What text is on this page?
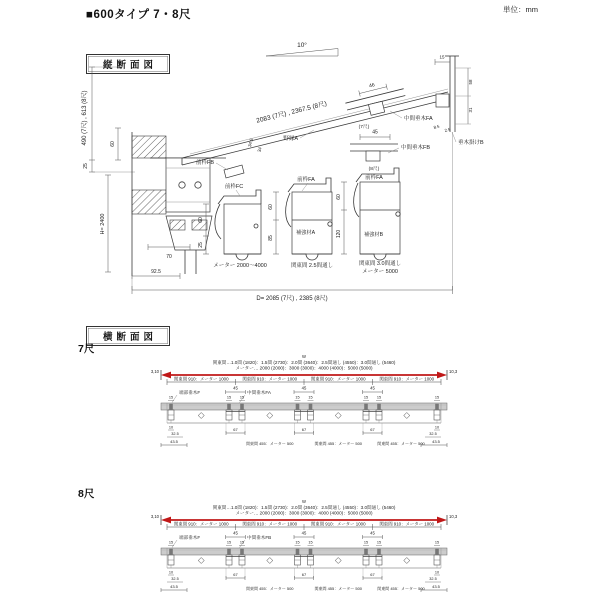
■600タイプ 7・8尺	単位：mm
縦断面図
490 (7尺) , 613 (8尺)
25
60
H= 2400
10°
2083 (7尺) , 2367.5 (8尺)
34.5
34
前枠FB
野縁A
46
(7尺)
中間垂木FA
45
(8尺)
中間垂木FB
15
58
31
8.5 2.5
垂木掛けB
60
25
前枠FC
メーター 2000～4000
60
85
補強材A
前枠FA
関東間 2.5間通し
60
120	補強材B
前枠FA
関東間 3.0間通し
メーター 5000
70
92.5
D= 2085 (7尺) , 2385 (8尺)
横断面図
7尺
W
関東間…1.0間 (1820)：1.5間 (2730)：2.0間 (3640)：2.5間通し (4550)：3.0間通し (5460)
メーター… 2000 (2000)：3000 (3000)：4000 (4000)：5000 (5000)
3,10	10,3
関東間 910：メーター 1000	関東間 910：メーター 1000	関東間 910：メーター 1000	関東間 910：メーター 1000
端部垂木F	中間垂木FA
45
15 15
45
15 15
45
15 15
15	15
10	10
32.5	32.5
67	67	67
43.5	43.5
関東間 455：メーター 500	関東間 455：メーター 500	関東間 455：メーター 500
8尺
W
関東間…1.0間 (1820)：1.5間 (2730)：2.0間 (3640)：2.5間通し (4550)：3.0間通し (5460)
メーター… 2000 (2000)：3000 (3000)：4000 (4000)：5000 (5000)
3,10	10,3
関東間 910：メーター 1000	関東間 910：メーター 1000	関東間 910：メーター 1000	関東間 910：メーター 1000
端部垂木F	中間垂木FB
45
15 15
45
15 15
45
15 15
15	15
10	10
32.5	32.5
67	67	67
43.5	43.5
関東間 455：メーター 500	関東間 455：メーター 500	関東間 455：メーター 500
